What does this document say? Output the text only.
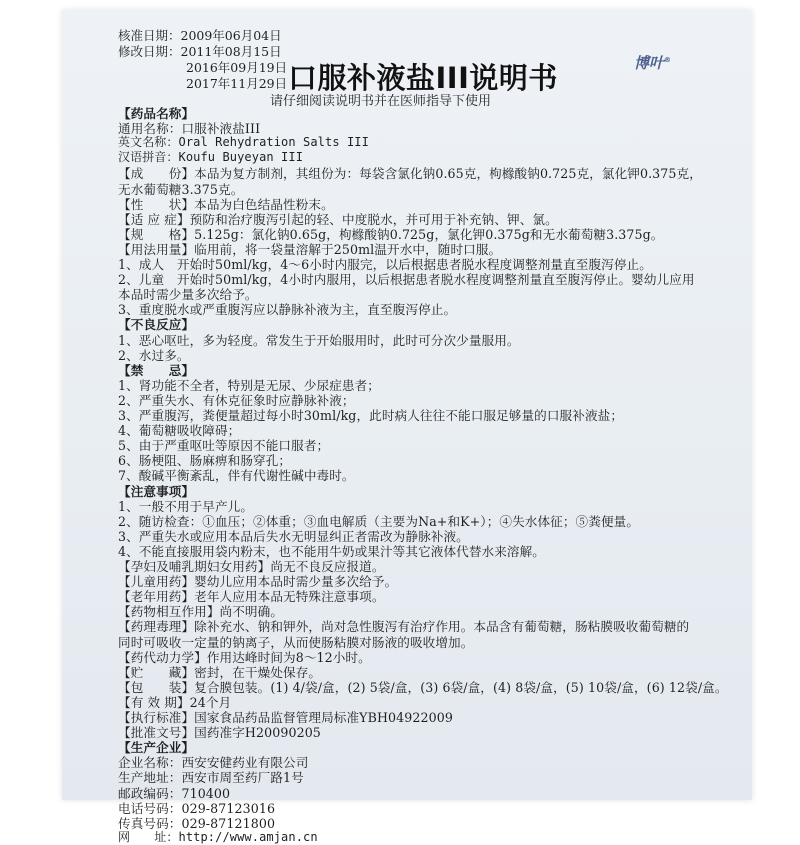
核准日期：2009年06月04日
修改日期：2011年08月15日
2016年09月19日
2017年11月29日 口服补液盐III说明书
请仔细阅读说明书并在医师指导下使用
博叶®
【药品名称】
通用名称：口服补液盐III
英文名称：Oral Rehydration Salts III
汉语拼音：Koufu Buyeyan III
【成　　份】本品为复方制剂，其组份为：每袋含氯化钠0.65克，枸橼酸钠0.725克，氯化钾0.375克，
无水葡萄糖3.375克。
【性　　状】本品为白色结晶性粉末。
【适 应 症】预防和治疗腹泻引起的轻、中度脱水，并可用于补充钠、钾、氯。
【规　　格】5.125g：氯化钠0.65g，枸橼酸钠0.725g，氯化钾0.375g和无水葡萄糖3.375g。
【用法用量】临用前，将一袋量溶解于250ml温开水中，随时口服。
1、成人　开始时50ml/kg，4～6小时内服完，以后根据患者脱水程度调整剂量直至腹泻停止。
2、儿童　开始时50ml/kg，4小时内服用，以后根据患者脱水程度调整剂量直至腹泻停止。婴幼儿应用
本品时需少量多次给予。
3、重度脱水或严重腹泻应以静脉补液为主，直至腹泻停止。
【不良反应】
1、恶心呕吐，多为轻度。常发生于开始服用时，此时可分次少量服用。
2、水过多。
【禁　　忌】
1、肾功能不全者，特别是无尿、少尿症患者；
2、严重失水、有休克征象时应静脉补液；
3、严重腹泻，粪便量超过每小时30ml/kg，此时病人往往不能口服足够量的口服补液盐；
4、葡萄糖吸收障碍；
5、由于严重呕吐等原因不能口服者；
6、肠梗阻、肠麻痹和肠穿孔；
7、酸碱平衡紊乱，伴有代谢性碱中毒时。
【注意事项】
1、一般不用于早产儿。
2、随访检查：①血压；②体重；③血电解质（主要为Na+和K+）；④失水体征；⑤粪便量。
3、严重失水或应用本品后失水无明显纠正者需改为静脉补液。
4、不能直接服用袋内粉末，也不能用牛奶或果汁等其它液体代替水来溶解。
【孕妇及哺乳期妇女用药】尚无不良反应报道。
【儿童用药】婴幼儿应用本品时需少量多次给予。
【老年用药】老年人应用本品无特殊注意事项。
【药物相互作用】尚不明确。
【药理毒理】除补充水、钠和钾外，尚对急性腹泻有治疗作用。本品含有葡萄糖，肠粘膜吸收葡萄糖的
同时可吸收一定量的钠离子，从而使肠粘膜对肠液的吸收增加。
【药代动力学】作用达峰时间为8～12小时。
【贮　　藏】密封，在干燥处保存。
【包　　装】复合膜包装。(1) 4/袋/盒，(2) 5袋/盒，(3) 6袋/盒，(4) 8袋/盒，(5) 10袋/盒，(6) 12袋/盒。
【有 效 期】24个月
【执行标准】国家食品药品监督管理局标准YBH04922009
【批准文号】国药准字H20090205
【生产企业】
企业名称：西安安健药业有限公司
生产地址：西安市周至药厂路1号
邮政编码：710400
电话号码：029-87123016
传真号码：029-87121800
网　　址：http://www.amjan.cn
